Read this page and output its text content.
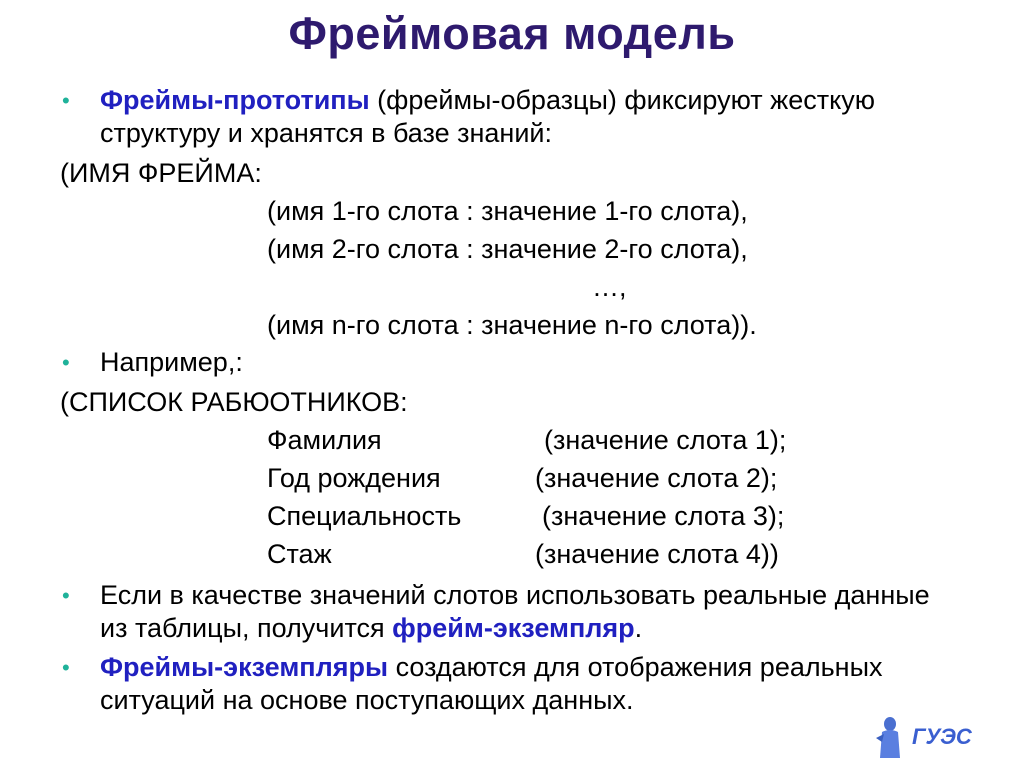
Фреймовая модель
• Фреймы-прототипы (фреймы-образцы) фиксируют жесткую структуру и хранятся в базе знаний:
(ИМЯ ФРЕЙМА:
(имя 1-го слота : значение 1-го слота),
(имя 2-го слота : значение 2-го слота),
…,
(имя n-го слота : значение n-го слота)).
• Например,:
(СПИСОК РАБЮОТНИКОВ:
Фамилия	(значение слота 1);
Год рождения	(значение слота 2);
Специальность	(значение слота 3);
Стаж	(значение слота 4))
• Если в качестве значений слотов использовать реальные данные из таблицы, получится фрейм-экземпляр.
• Фреймы-экземпляры создаются для отображения реальных ситуаций на основе поступающих данных.
ГУЭС
